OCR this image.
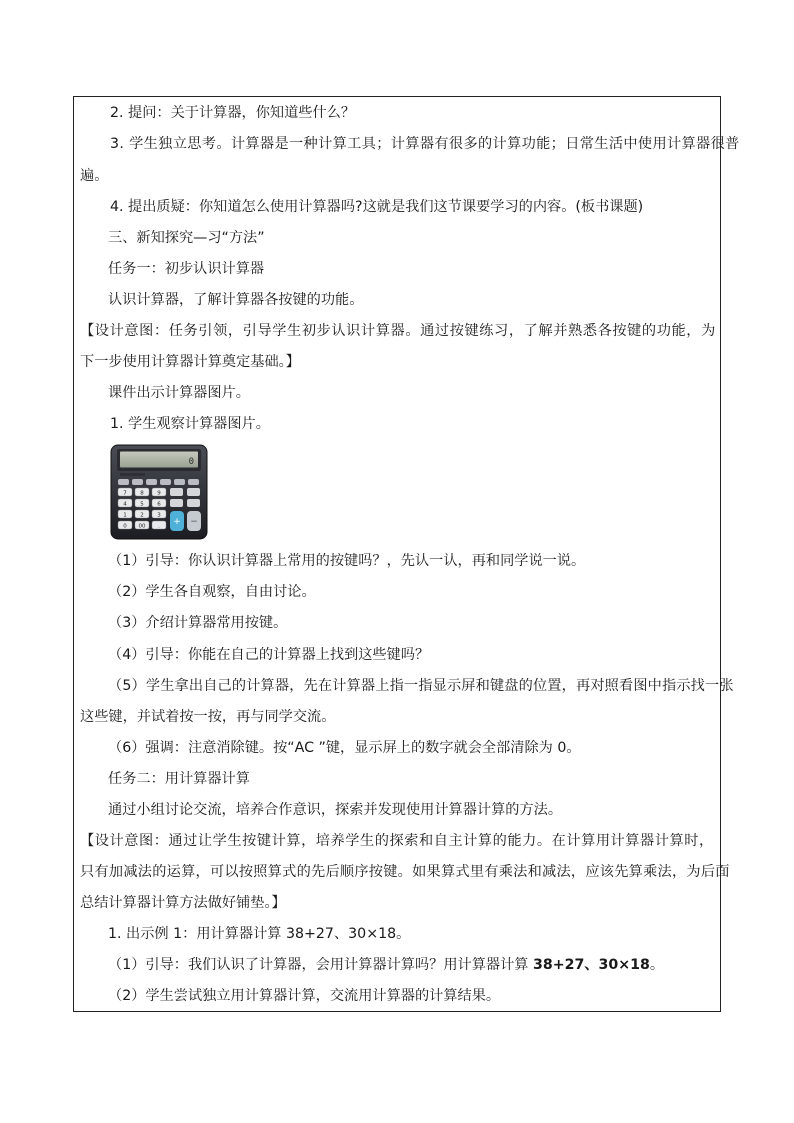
2. 提问：关于计算器，你知道些什么？
3. 学生独立思考。计算器是一种计算工具；计算器有很多的计算功能；日常生活中使用计算器很普
遍。
4. 提出质疑：你知道怎么使用计算器吗?这就是我们这节课要学习的内容。(板书课题)
三、新知探究—习“方法”
任务一：初步认识计算器
认识计算器，了解计算器各按键的功能。
【设计意图：任务引领，引导学生初步认识计算器。通过按键练习，了解并熟悉各按键的功能，为
下一步使用计算器计算奠定基础。】
课件出示计算器图片。
1. 学生观察计算器图片。
0
7 8 9
4 5 6
1 2 3
0 00 . + −
（1）引导：你认识计算器上常用的按键吗？，先认一认，再和同学说一说。
（2）学生各自观察，自由讨论。
（3）介绍计算器常用按键。
（4）引导：你能在自己的计算器上找到这些键吗？
（5）学生拿出自己的计算器，先在计算器上指一指显示屏和键盘的位置，再对照看图中指示找一张
这些键，并试着按一按，再与同学交流。
（6）强调：注意消除键。按“AC ”键，显示屏上的数字就会全部清除为 0。
任务二：用计算器计算
通过小组讨论交流，培养合作意识，探索并发现使用计算器计算的方法。
【设计意图：通过让学生按键计算，培养学生的探索和自主计算的能力。在计算用计算器计算时，
只有加减法的运算，可以按照算式的先后顺序按键。如果算式里有乘法和减法，应该先算乘法，为后面
总结计算器计算方法做好铺垫。】
1. 出示例 1：用计算器计算 38+27、30×18。
（1）引导：我们认识了计算器，会用计算器计算吗？用计算器计算 38+27、30×18。
（2）学生尝试独立用计算器计算，交流用计算器的计算结果。
